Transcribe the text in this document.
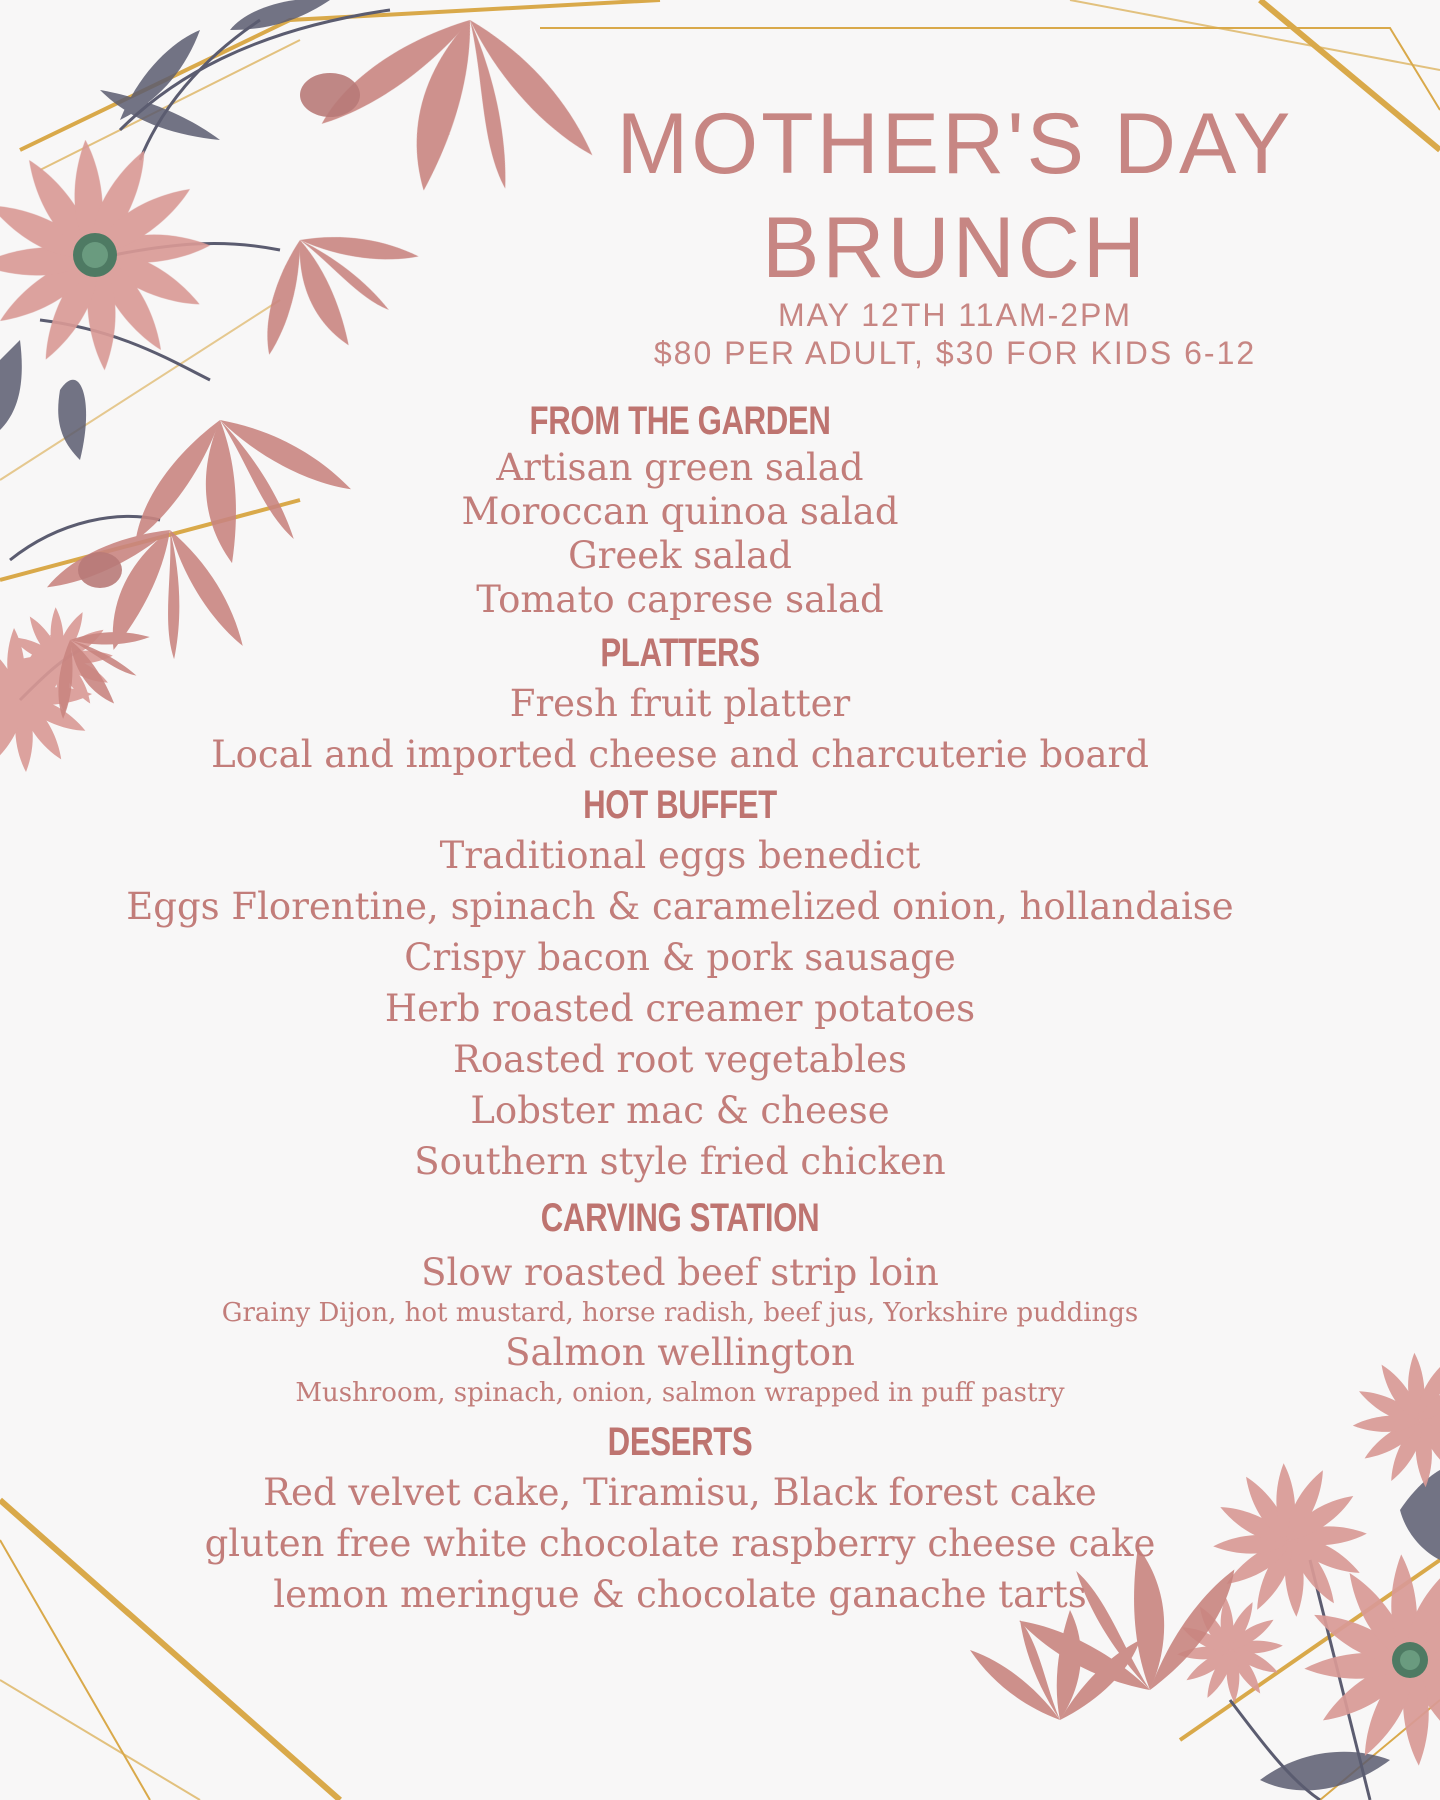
MOTHER'S DAY
BRUNCH
MAY 12TH 11AM-2PM
$80 PER ADULT, $30 FOR KIDS 6-12
FROM THE GARDEN
Artisan green salad
Moroccan quinoa salad
Greek salad
Tomato caprese salad
PLATTERS
Fresh fruit platter
Local and imported cheese and charcuterie board
HOT BUFFET
Traditional eggs benedict
Eggs Florentine, spinach & caramelized onion, hollandaise
Crispy bacon & pork sausage
Herb roasted creamer potatoes
Roasted root vegetables
Lobster mac & cheese
Southern style fried chicken
CARVING STATION
Slow roasted beef strip loin
Grainy Dijon, hot mustard, horse radish, beef jus, Yorkshire puddings
Salmon wellington
Mushroom, spinach, onion, salmon wrapped in puff pastry
DESERTS
Red velvet cake, Tiramisu, Black forest cake
gluten free white chocolate raspberry cheese cake
lemon meringue & chocolate ganache tarts
